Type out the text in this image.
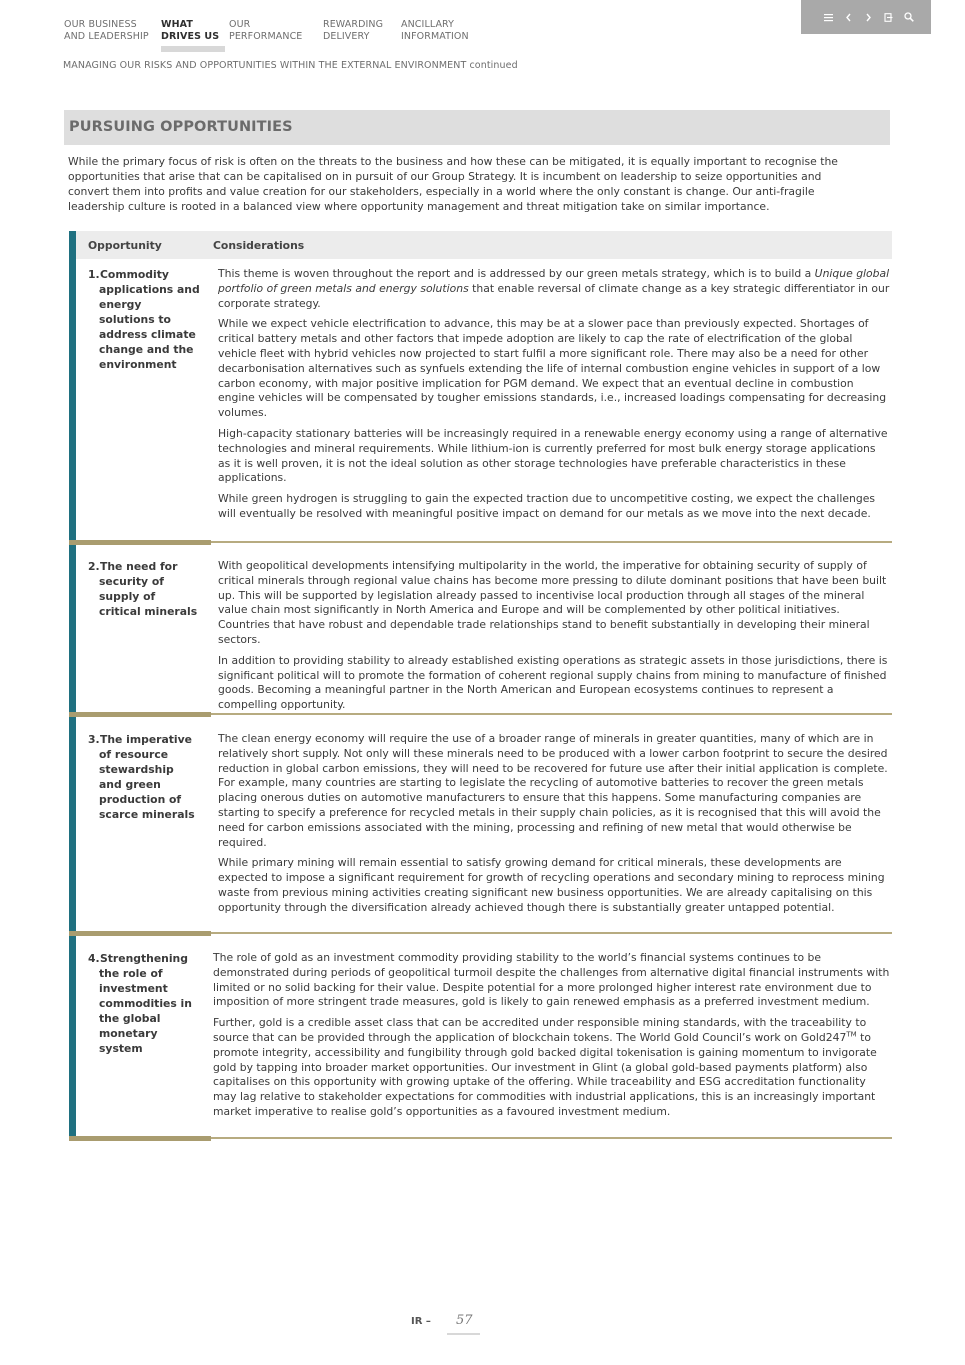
OUR BUSINESS
AND LEADERSHIP
WHAT
DRIVES US
OUR
PERFORMANCE
REWARDING
DELIVERY
ANCILLARY
INFORMATION
MANAGING OUR RISKS AND OPPORTUNITIES WITHIN THE EXTERNAL ENVIRONMENT continued
PURSUING OPPORTUNITIES
While the primary focus of risk is often on the threats to the business and how these can be mitigated, it is equally important to recognise the opportunities that arise that can be capitalised on in pursuit of our Group Strategy. It is incumbent on leadership to seize opportunities and convert them into profits and value creation for our stakeholders, especially in a world where the only constant is change. Our anti-fragile leadership culture is rooted in a balanced view where opportunity management and threat mitigation take on similar importance.
Opportunity	Considerations
1. Commodity applications and energy solutions to address climate change and the environment

This theme is woven throughout the report and is addressed by our green metals strategy, which is to build a Unique global portfolio of green metals and energy solutions that enable reversal of climate change as a key strategic differentiator in our corporate strategy.

While we expect vehicle electrification to advance, this may be at a slower pace than previously expected. Shortages of critical battery metals and other factors that impede adoption are likely to cap the rate of electrification of the global vehicle fleet with hybrid vehicles now projected to start fulfil a more significant role. There may also be a need for other decarbonisation alternatives such as synfuels extending the life of internal combustion engine vehicles in support of a low carbon economy, with major positive implication for PGM demand. We expect that an eventual decline in combustion engine vehicles will be compensated by tougher emissions standards, i.e., increased loadings compensating for decreasing volumes.

High-capacity stationary batteries will be increasingly required in a renewable energy economy using a range of alternative technologies and mineral requirements. While lithium-ion is currently preferred for most bulk energy storage applications as it is well proven, it is not the ideal solution as other storage technologies have preferable characteristics in these applications.

While green hydrogen is struggling to gain the expected traction due to uncompetitive costing, we expect the challenges will eventually be resolved with meaningful positive impact on demand for our metals as we move into the next decade.

2. The need for security of supply of critical minerals

With geopolitical developments intensifying multipolarity in the world, the imperative for obtaining security of supply of critical minerals through regional value chains has become more pressing to dilute dominant positions that have been built up. This will be supported by legislation already passed to incentivise local production through all stages of the mineral value chain most significantly in North America and Europe and will be complemented by other political initiatives. Countries that have robust and dependable trade relationships stand to benefit substantially in developing their mineral sectors.

In addition to providing stability to already established existing operations as strategic assets in those jurisdictions, there is significant political will to promote the formation of coherent regional supply chains from mining to manufacture of finished goods. Becoming a meaningful partner in the North American and European ecosystems continues to represent a compelling opportunity.

3. The imperative of resource stewardship and green production of scarce minerals

The clean energy economy will require the use of a broader range of minerals in greater quantities, many of which are in relatively short supply. Not only will these minerals need to be produced with a lower carbon footprint to secure the desired reduction in global carbon emissions, they will need to be recovered for future use after their initial application is complete. For example, many countries are starting to legislate the recycling of automotive batteries to recover the green metals placing onerous duties on automotive manufacturers to ensure that this happens. Some manufacturing companies are starting to specify a preference for recycled metals in their supply chain policies, as it is recognised that this will avoid the need for carbon emissions associated with the mining, processing and refining of new metal that would otherwise be required.

While primary mining will remain essential to satisfy growing demand for critical minerals, these developments are expected to impose a significant requirement for growth of recycling operations and secondary mining to reprocess mining waste from previous mining activities creating significant new business opportunities. We are already capitalising on this opportunity through the diversification already achieved though there is substantially greater untapped potential.

4. Strengthening the role of investment commodities in the global monetary system

The role of gold as an investment commodity providing stability to the world’s financial systems continues to be demonstrated during periods of geopolitical turmoil despite the challenges from alternative digital financial instruments with limited or no solid backing for their value. Despite potential for a more prolonged higher interest rate environment due to imposition of more stringent trade measures, gold is likely to gain renewed emphasis as a preferred investment medium.

Further, gold is a credible asset class that can be accredited under responsible mining standards, with the traceability to source that can be provided through the application of blockchain tokens. The World Gold Council’s work on Gold247™ to promote integrity, accessibility and fungibility through gold backed digital tokenisation is gaining momentum to invigorate gold by tapping into broader market opportunities. Our investment in Glint (a global gold-based payments platform) also capitalises on this opportunity with growing uptake of the offering. While traceability and ESG accreditation functionality may lag relative to stakeholder expectations for commodities with industrial applications, this is an increasingly important market imperative to realise gold’s opportunities as a favoured investment medium.

IR – 57
